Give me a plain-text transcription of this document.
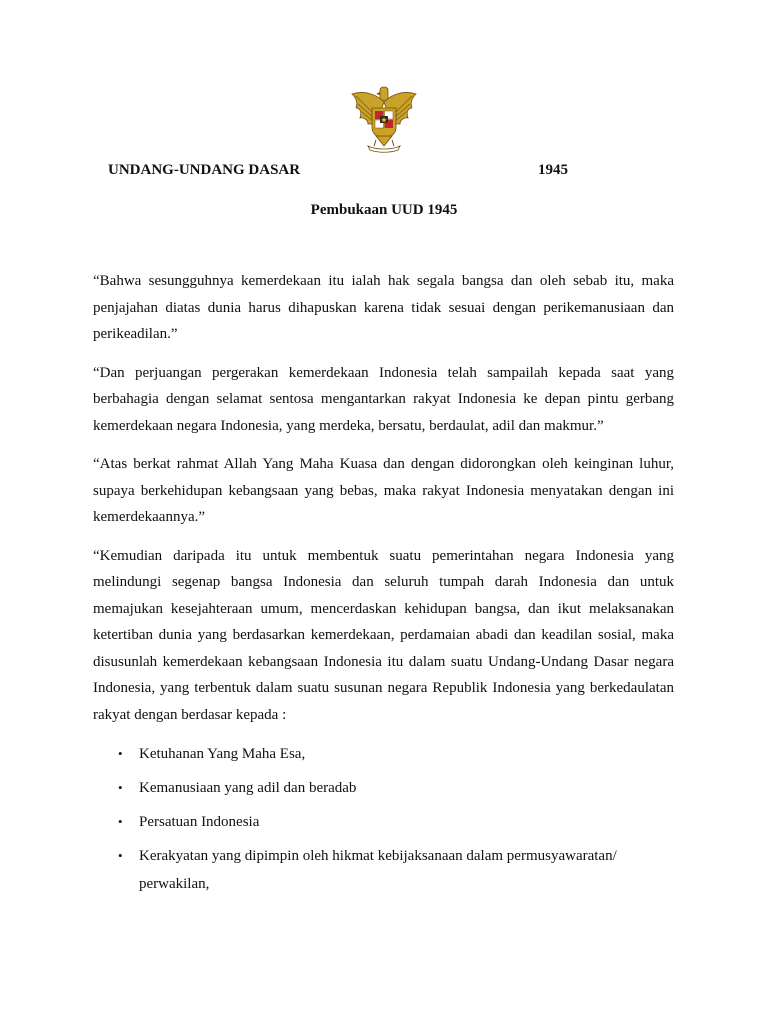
UNDANG-UNDANG DASAR	1945
Pembukaan UUD 1945

“Bahwa sesungguhnya kemerdekaan itu ialah hak segala bangsa dan oleh sebab itu, maka penjajahan diatas dunia harus dihapuskan karena tidak sesuai dengan perikemanusiaan dan perikeadilan.”

“Dan perjuangan pergerakan kemerdekaan Indonesia telah sampailah kepada saat yang berbahagia dengan selamat sentosa mengantarkan rakyat Indonesia ke depan pintu gerbang kemerdekaan negara Indonesia, yang merdeka, bersatu, berdaulat, adil dan makmur.”

“Atas berkat rahmat Allah Yang Maha Kuasa dan dengan didorongkan oleh keinginan luhur, supaya berkehidupan kebangsaan yang bebas, maka rakyat Indonesia menyatakan dengan ini kemerdekaannya.”

“Kemudian daripada itu untuk membentuk suatu pemerintahan negara Indonesia yang melindungi segenap bangsa Indonesia dan seluruh tumpah darah Indonesia dan untuk memajukan kesejahteraan umum, mencerdaskan kehidupan bangsa, dan ikut melaksanakan ketertiban dunia yang berdasarkan kemerdekaan, perdamaian abadi dan keadilan sosial, maka disusunlah kemerdekaan kebangsaan Indonesia itu dalam suatu Undang-Undang Dasar negara Indonesia, yang terbentuk dalam suatu susunan negara Republik Indonesia yang berkedaulatan rakyat dengan berdasar kepada :

• Ketuhanan Yang Maha Esa,
• Kemanusiaan yang adil dan beradab
• Persatuan Indonesia
• Kerakyatan yang dipimpin oleh hikmat kebijaksanaan dalam permusyawaratan/ perwakilan,
